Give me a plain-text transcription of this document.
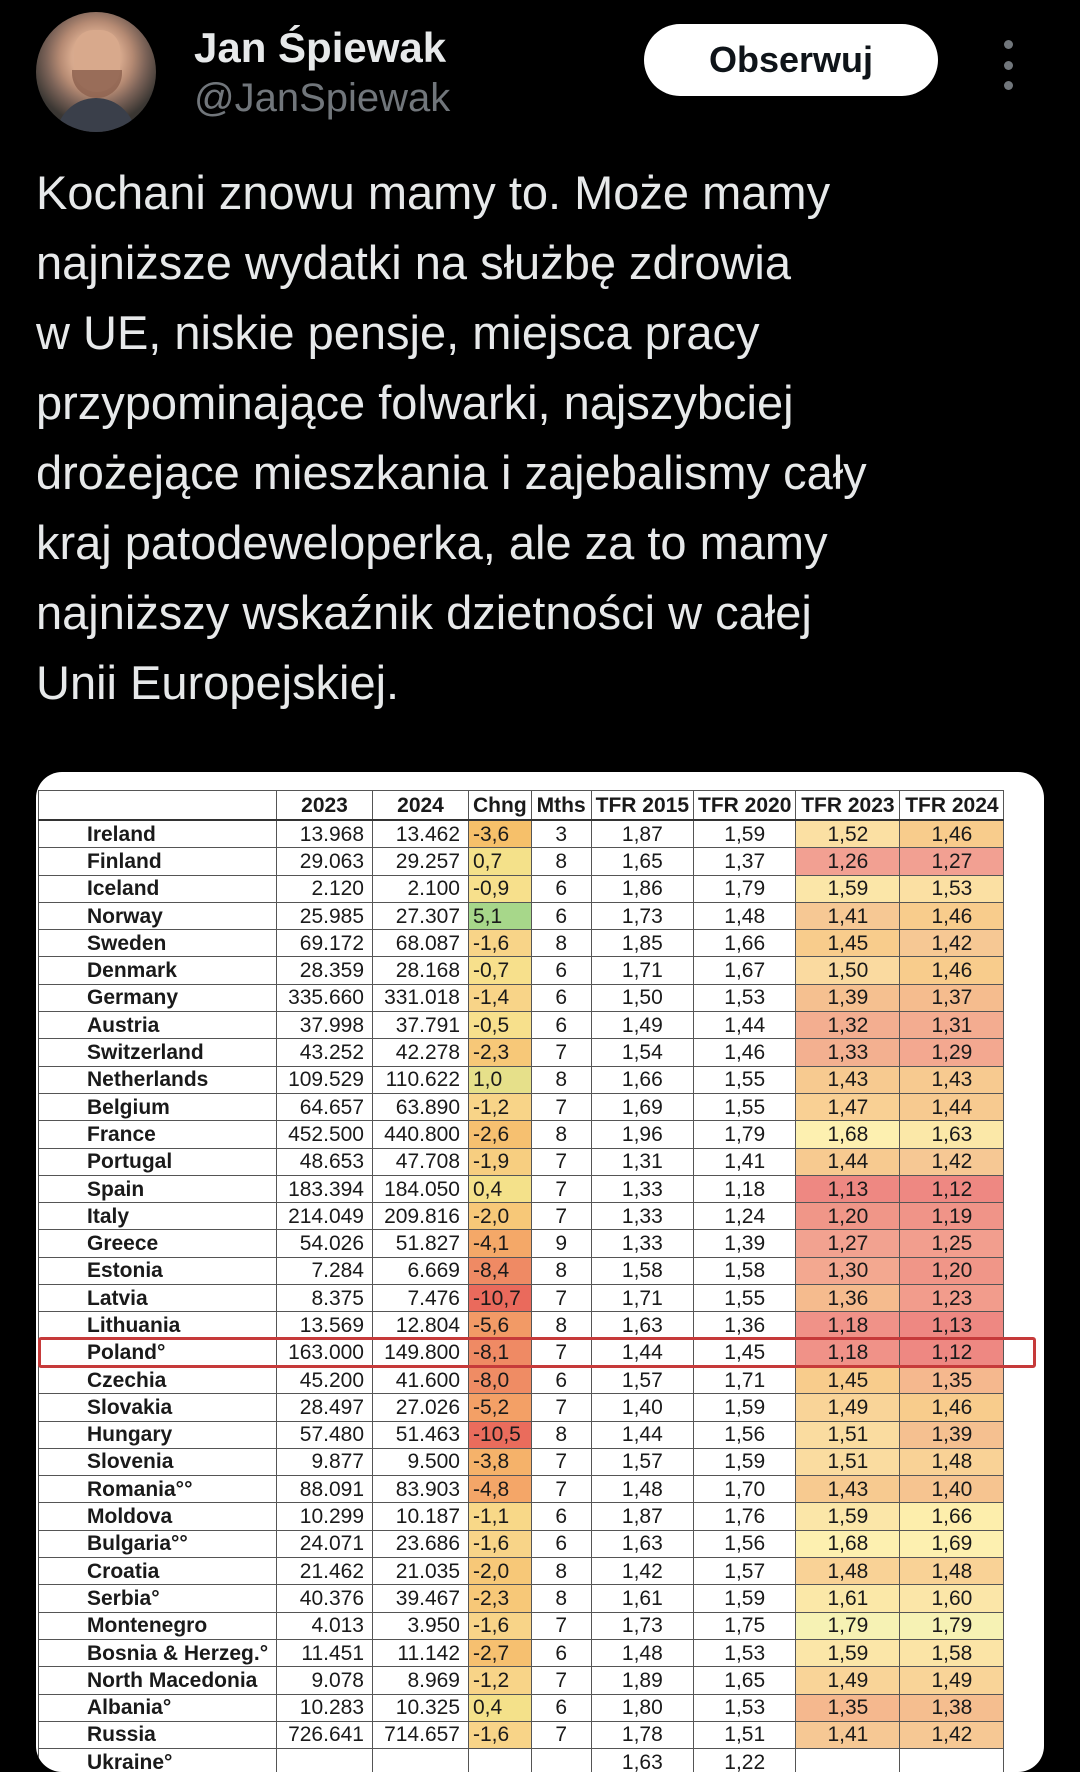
Jan Śpiewak
@JanSpiewak
Obserwuj
Kochani znowu mamy to. Może mamy
najniższe wydatki na służbę zdrowia
w UE, niskie pensje, miejsca pracy
przypominające folwarki, najszybciej
drożejące mieszkania i zajebalismy cały
kraj patodeweloperka, ale za to mamy
najniższy wskaźnik dzietności w całej
Unii Europejskiej.
	2023	2024	Chng	Mths	TFR 2015	TFR 2020	TFR 2023	TFR 2024
Ireland	13.968	13.462	-3,6	3	1,87	1,59	1,52	1,46
Finland	29.063	29.257	0,7	8	1,65	1,37	1,26	1,27
Iceland	2.120	2.100	-0,9	6	1,86	1,79	1,59	1,53
Norway	25.985	27.307	5,1	6	1,73	1,48	1,41	1,46
Sweden	69.172	68.087	-1,6	8	1,85	1,66	1,45	1,42
Denmark	28.359	28.168	-0,7	6	1,71	1,67	1,50	1,46
Germany	335.660	331.018	-1,4	6	1,50	1,53	1,39	1,37
Austria	37.998	37.791	-0,5	6	1,49	1,44	1,32	1,31
Switzerland	43.252	42.278	-2,3	7	1,54	1,46	1,33	1,29
Netherlands	109.529	110.622	1,0	8	1,66	1,55	1,43	1,43
Belgium	64.657	63.890	-1,2	7	1,69	1,55	1,47	1,44
France	452.500	440.800	-2,6	8	1,96	1,79	1,68	1,63
Portugal	48.653	47.708	-1,9	7	1,31	1,41	1,44	1,42
Spain	183.394	184.050	0,4	7	1,33	1,18	1,13	1,12
Italy	214.049	209.816	-2,0	7	1,33	1,24	1,20	1,19
Greece	54.026	51.827	-4,1	9	1,33	1,39	1,27	1,25
Estonia	7.284	6.669	-8,4	8	1,58	1,58	1,30	1,20
Latvia	8.375	7.476	-10,7	7	1,71	1,55	1,36	1,23
Lithuania	13.569	12.804	-5,6	8	1,63	1,36	1,18	1,13
Poland°	163.000	149.800	-8,1	7	1,44	1,45	1,18	1,12
Czechia	45.200	41.600	-8,0	6	1,57	1,71	1,45	1,35
Slovakia	28.497	27.026	-5,2	7	1,40	1,59	1,49	1,46
Hungary	57.480	51.463	-10,5	8	1,44	1,56	1,51	1,39
Slovenia	9.877	9.500	-3,8	7	1,57	1,59	1,51	1,48
Romania°°	88.091	83.903	-4,8	7	1,48	1,70	1,43	1,40
Moldova	10.299	10.187	-1,1	6	1,87	1,76	1,59	1,66
Bulgaria°°	24.071	23.686	-1,6	6	1,63	1,56	1,68	1,69
Croatia	21.462	21.035	-2,0	8	1,42	1,57	1,48	1,48
Serbia°	40.376	39.467	-2,3	8	1,61	1,59	1,61	1,60
Montenegro	4.013	3.950	-1,6	7	1,73	1,75	1,79	1,79
Bosnia & Herzeg.°	11.451	11.142	-2,7	6	1,48	1,53	1,59	1,58
North Macedonia	9.078	8.969	-1,2	7	1,89	1,65	1,49	1,49
Albania°	10.283	10.325	0,4	6	1,80	1,53	1,35	1,38
Russia	726.641	714.657	-1,6	7	1,78	1,51	1,41	1,42
Ukraine°					1,63	1,22		
